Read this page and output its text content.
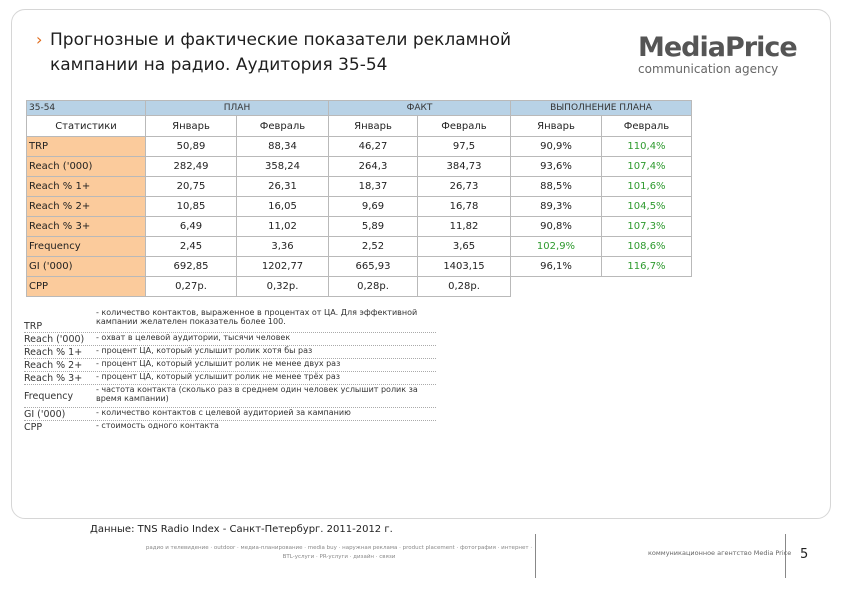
› Прогнозные и фактические показатели рекламной кампании на радио. Аудитория 35-54
MediaPrice
communication agency
35-54	ПЛАН		ФАКТ		ВЫПОЛНЕНИЕ ПЛАНА	
Статистики	Январь	Февраль	Январь	Февраль	Январь	Февраль
TRP	50,89	88,34	46,27	97,5	90,9%	110,4%
Reach ('000)	282,49	358,24	264,3	384,73	93,6%	107,4%
Reach % 1+	20,75	26,31	18,37	26,73	88,5%	101,6%
Reach % 2+	10,85	16,05	9,69	16,78	89,3%	104,5%
Reach % 3+	6,49	11,02	5,89	11,82	90,8%	107,3%
Frequency	2,45	3,36	2,52	3,65	102,9%	108,6%
GI ('000)	692,85	1202,77	665,93	1403,15	96,1%	116,7%
CPP	0,27р.	0,32р.	0,28р.	0,28р.		
TRP
- количество контактов, выраженное в процентах от ЦА. Для эффективной кампании желателен показатель более 100.
Reach ('000) - охват в целевой аудитории, тысячи человек
Reach % 1+ - процент ЦА, который услышит ролик хотя бы раз
Reach % 2+ - процент ЦА, который услышит ролик не менее двух раз
Reach % 3+ - процент ЦА, который услышит ролик не менее трёх раз
Frequency
- частота контакта (сколько раз в среднем один человек услышит ролик за время кампании)
GI ('000)	- количество контактов с целевой аудиторией за кампанию
CPP	- стоимость одного контакта
Данные: TNS Radio Index - Санкт-Петербург. 2011-2012 г.
радио и телевидение · outdoor · медиа-планирование · media buy · наружная реклама · product placement · фотография · интернет · BTL-услуги · PR-услуги · дизайн · связи	коммуникационное агентство Media Price 5
